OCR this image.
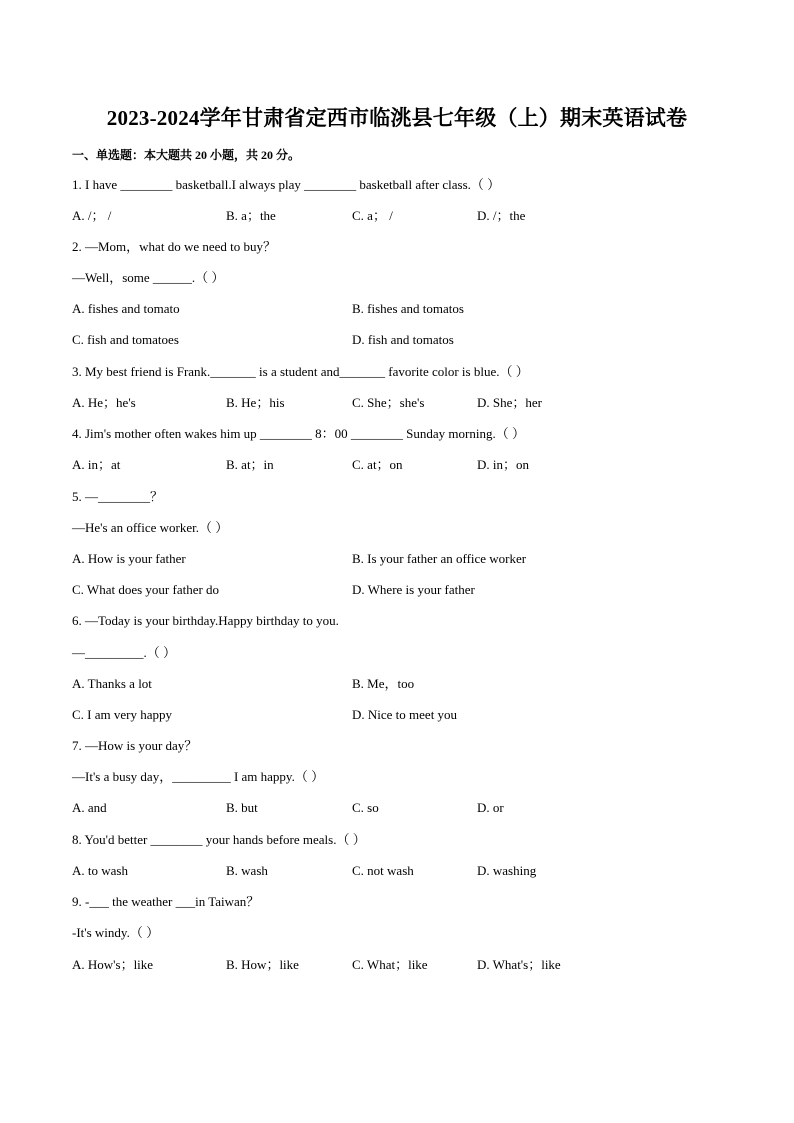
2023-2024学年甘肃省定西市临洮县七年级（上）期末英语试卷
一、单选题：本大题共 20 小题，共 20 分。
1. I have ________ basketball.I always play ________ basketball after class.（ ）
A. /； /	B. a；the	C. a； /	D. /；the
2. —Mom，what do we need to buy？
—Well，some ______.（ ）
A. fishes and tomato	B. fishes and tomatos
C. fish and tomatoes	D. fish and tomatos
3. My best friend is Frank._______ is a student and_______ favorite color is blue.（ ）
A. He；he's	B. He；his	C. She；she's	D. She；her
4. Jim's mother often wakes him up ________ 8：00 ________ Sunday morning.（ ）
A. in；at	B. at；in	C. at；on	D. in；on
5. —________？
—He's an office worker.（ ）
A. How is your father	B. Is your father an office worker
C. What does your father do	D. Where is your father
6. —Today is your birthday.Happy birthday to you.
—_________.（ ）
A. Thanks a lot	B. Me，too
C. I am very happy	D. Nice to meet you
7. —How is your day？
—It's a busy day，_________ I am happy.（ ）
A. and	B. but	C. so	D. or
8. You'd better ________ your hands before meals.（ ）
A. to wash	B. wash	C. not wash	D. washing
9. -___ the weather ___in Taiwan？
-It's windy.（ ）
A. How's；like	B. How；like	C. What；like	D. What's；like
